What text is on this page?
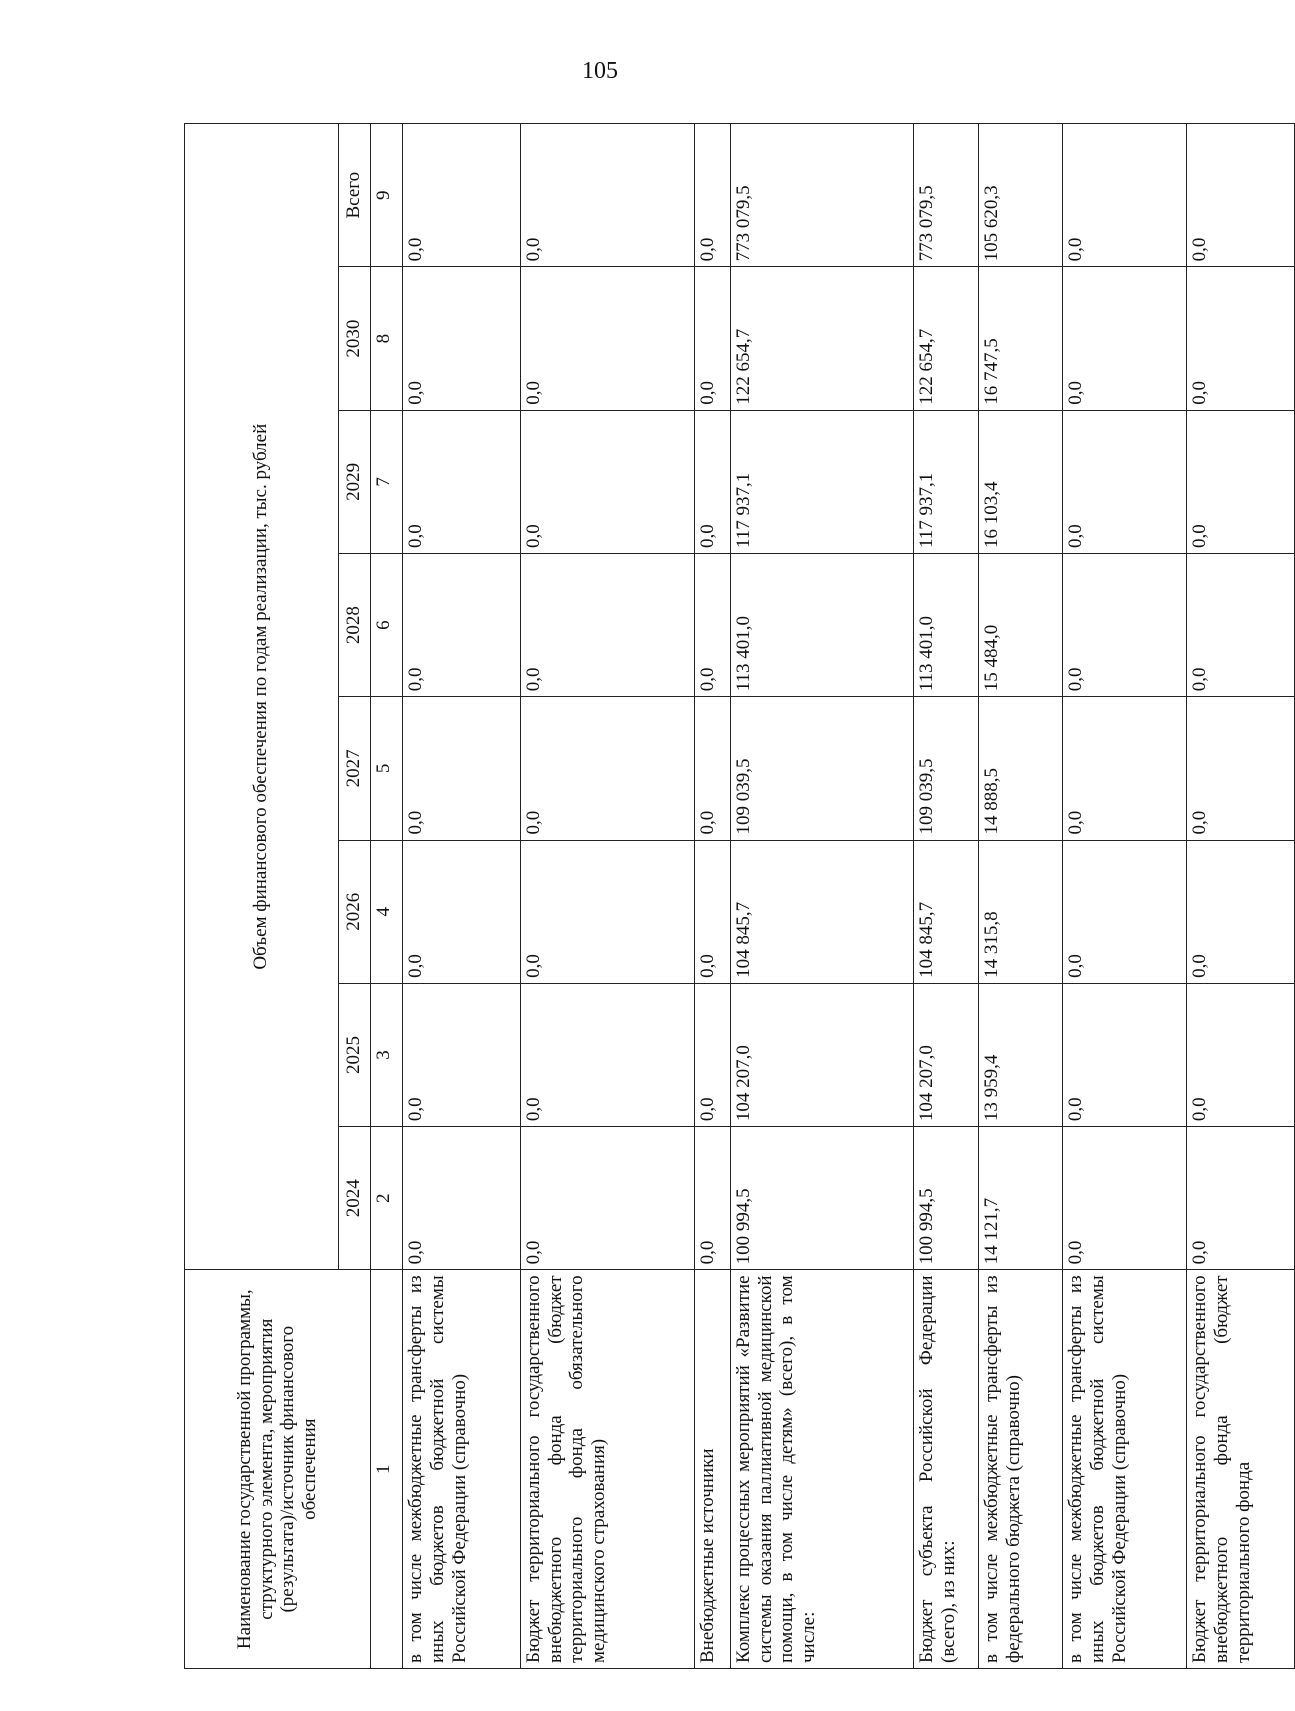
105
Наименование государственной программы, структурного элемента, мероприятия (результата)/источник финансового обеспечения	Объем финансового обеспечения по годам реализации, тыс. рублей							
	2024	2025	2026	2027	2028	2029	2030	Всего
1	2	3	4	5	6	7	8	9
в том числе межбюджетные трансферты из иных бюджетов бюджетной системы Российской Федерации (справочно)	0,0	0,0	0,0	0,0	0,0	0,0	0,0	0,0
Бюджет территориального государственного внебюджетного фонда (бюджет территориального фонда обязательного медицинского страхования)	0,0	0,0	0,0	0,0	0,0	0,0	0,0	0,0
Внебюджетные источники	0,0	0,0	0,0	0,0	0,0	0,0	0,0	0,0
Комплекс процессных мероприятий «Развитие системы оказания паллиативной медицинской помощи, в том числе детям» (всего), в том числе:	100 994,5	104 207,0	104 845,7	109 039,5	113 401,0	117 937,1	122 654,7	773 079,5
Бюджет субъекта Российской Федерации (всего), из них:	100 994,5	104 207,0	104 845,7	109 039,5	113 401,0	117 937,1	122 654,7	773 079,5
в том числе межбюджетные трансферты из федерального бюджета (справочно)	14 121,7	13 959,4	14 315,8	14 888,5	15 484,0	16 103,4	16 747,5	105 620,3
в том числе межбюджетные трансферты из иных бюджетов бюджетной системы Российской Федерации (справочно)	0,0	0,0	0,0	0,0	0,0	0,0	0,0	0,0
Бюджет территориального государственного внебюджетного фонда (бюджет территориального фонда	0,0	0,0	0,0	0,0	0,0	0,0	0,0	0,0
